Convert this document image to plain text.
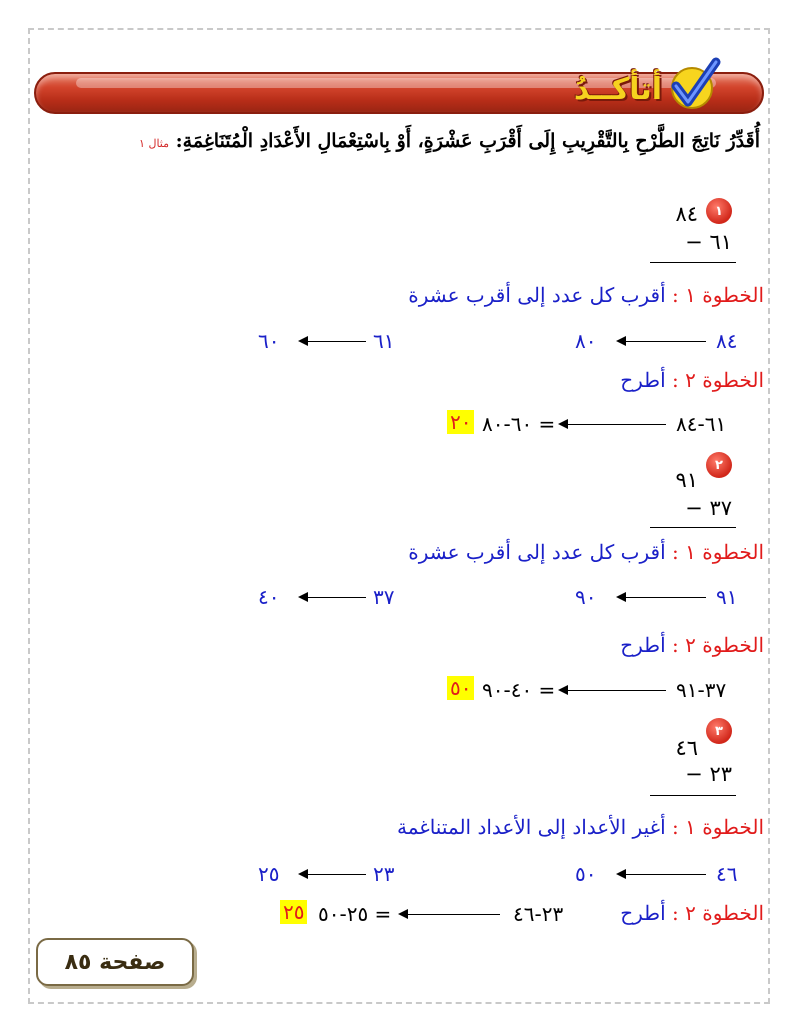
أتأكــدُ
أُقَدِّرُ نَاتِجَ الطَّرْحِ بِالتَّقْرِيبِ إِلَى أَقْرَبِ عَشْرَةٍ، أَوْ بِاسْتِعْمَالِ الأَعْدَادِ الْمُتَنَاغِمَةِ: مثال ١
١
٨٤
٦١ −
الخطوة ١ : أقرب كل عدد إلى أقرب عشرة
٨٤
٨٠
٦١
٦٠
الخطوة ٢ : أطرح
٦١-٨٤
= ٦٠-٨٠
٢٠
٢
٩١
٣٧ −
الخطوة ١ : أقرب كل عدد إلى أقرب عشرة
٩١
٩٠
٣٧
٤٠
الخطوة ٢ : أطرح
٣٧-٩١
= ٤٠-٩٠
٥٠
٣
٤٦
٢٣ −
الخطوة ١ : أغير الأعداد إلى الأعداد المتناغمة
٤٦
٥٠
٢٣
٢٥
الخطوة ٢ : أطرح
٢٣-٤٦
= ٢٥-٥٠
٢٥
صفحة ٨٥
